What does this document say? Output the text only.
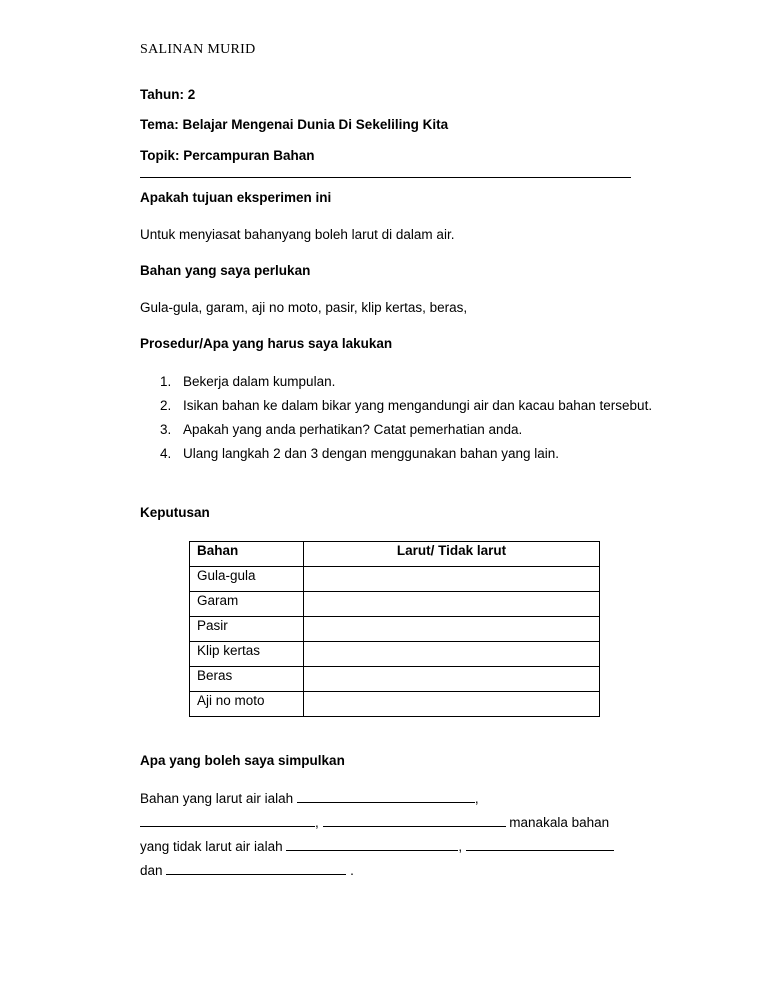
SALINAN MURID
Tahun: 2
Tema: Belajar Mengenai Dunia Di Sekeliling Kita
Topik: Percampuran Bahan
Apakah tujuan eksperimen ini
Untuk menyiasat bahanyang boleh larut di dalam air.
Bahan yang saya perlukan
Gula-gula, garam, aji no moto, pasir, klip kertas, beras,
Prosedur/Apa yang harus saya lakukan
1. Bekerja dalam kumpulan.
2. Isikan bahan ke dalam bikar yang mengandungi air dan kacau bahan tersebut.
3. Apakah yang anda perhatikan? Catat pemerhatian anda.
4. Ulang langkah 2 dan 3 dengan menggunakan bahan yang lain.
Keputusan
Bahan	Larut/ Tidak larut
Gula-gula	
Garam	
Pasir	
Klip kertas	
Beras	
Aji no moto	
Apa yang boleh saya simpulkan
Bahan yang larut air ialah	,
,	manakala bahan
yang tidak larut air ialah	,
dan	.
